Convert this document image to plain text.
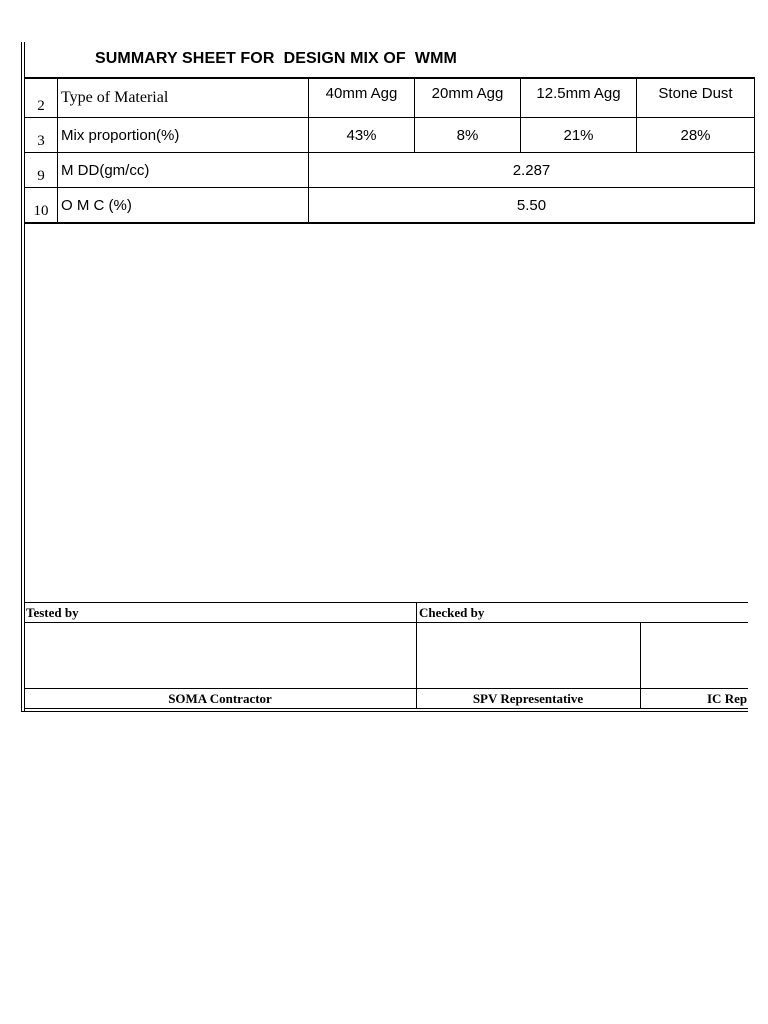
SUMMARY SHEET FOR  DESIGN MIX OF  WMM
2	Type of Material	40mm Agg	20mm Agg	12.5mm Agg	Stone Dust
3	Mix proportion(%)	43%	8%	21%	28%
9	M DD(gm/cc)	2.287			
10	O M C (%)	5.50			
Tested by	Checked by
SOMA Contractor	SPV Representative	IC Rep
